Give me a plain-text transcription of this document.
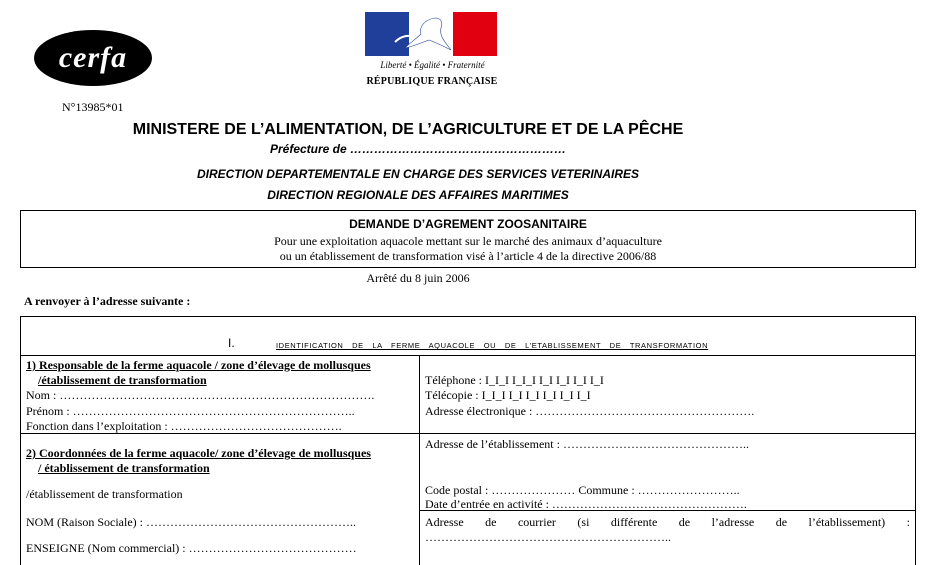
cerfa	Liberté • Égalité • Fraternité
RÉPUBLIQUE FRANÇAISE
N°13985*01
MINISTERE DE L’ALIMENTATION, DE L’AGRICULTURE ET DE LA PÊCHE
Préfecture de ………………………………………………
DIRECTION DEPARTEMENTALE EN CHARGE DES SERVICES VETERINAIRES
DIRECTION REGIONALE DES AFFAIRES MARITIMES
DEMANDE D’AGREMENT ZOOSANITAIRE
Pour une exploitation aquacole mettant sur le marché des animaux d’aquaculture
ou un établissement de transformation visé à l’article 4 de la directive 2006/88
Arrêté du 8 juin 2006
A renvoyer à l’adresse suivante :
I.	IDENTIFICATION DE LA FERME AQUACOLE OU DE L’ETABLISSEMENT DE TRANSFORMATION
1) Responsable de la ferme aquacole / zone d’élevage de mollusques
/établissement de transformation
Nom : …………………………………………………………………….
Prénom : ……………………………………………………………..
Fonction dans l’exploitation : …………………………………….
Téléphone : I_I_I I_I_I I_I I_I I_I I_I
Télécopie : I_I_I I_I I_I I_I I_I I_I
Adresse électronique : ……………………………………………….
2) Coordonnées de la ferme aquacole/ zone d’élevage de mollusques
/ établissement de transformation
/établissement de transformation
NOM (Raison Sociale) : ……………………………………………..
ENSEIGNE (Nom commercial) : ……………………………………
Adresse de l’établissement : ………………………………………..
Code postal : ………………… Commune : ……………………..
Date d’entrée en activité : ………………………………………….
Adresse de courrier (si différente de l’adresse de l’établissement) :
……………………………………………………..
